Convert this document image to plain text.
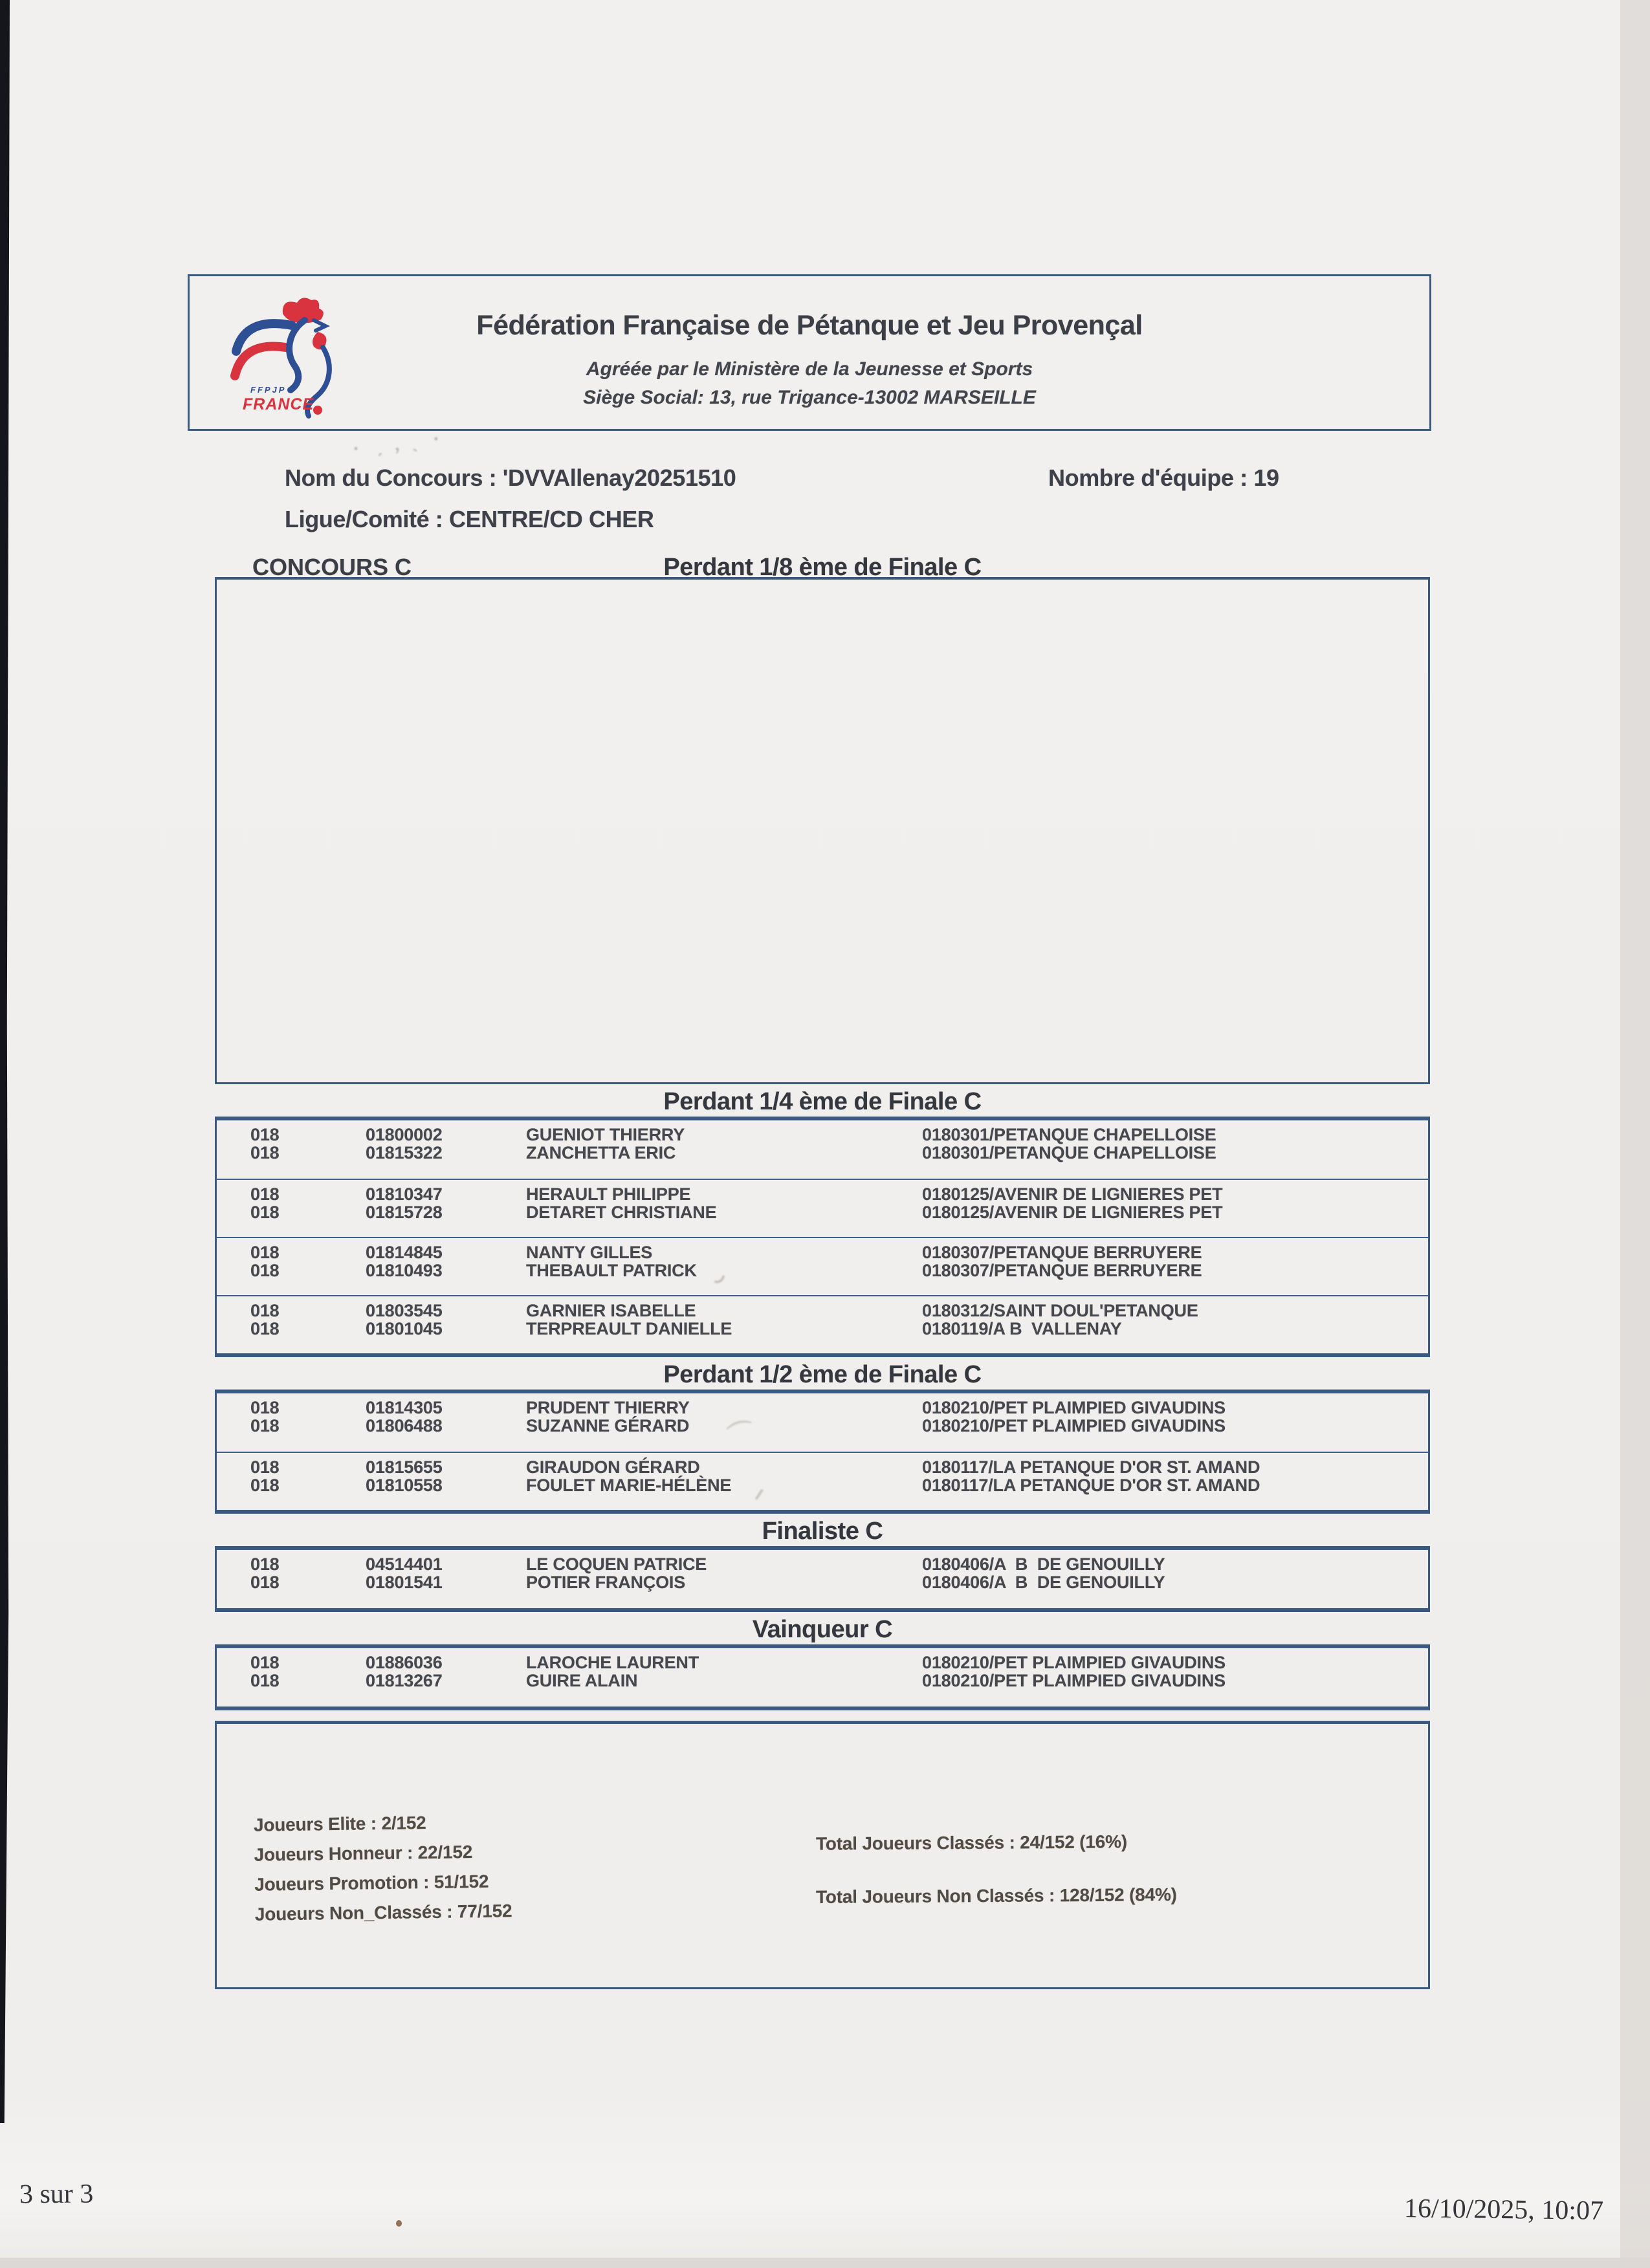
FFPJP
FRANCE
Fédération Française de Pétanque et Jeu Provençal
Agréée par le Ministère de la Jeunesse et Sports
Siège Social: 13, rue Trigance-13002 MARSEILLE
· ˏ﹐ˎ ·
Nom du Concours : 'DVVAllenay20251510	Nombre d'équipe : 19
Ligue/Comité : CENTRE/CD CHER
CONCOURS C	Perdant 1/8 ème de Finale C
٫
⌒
؍
Perdant 1/4 ème de Finale C
018	01800002	GUENIOT THIERRY	0180301/PETANQUE CHAPELLOISE
018	01815322	ZANCHETTA ERIC	0180301/PETANQUE CHAPELLOISE
018	01810347	HERAULT PHILIPPE	0180125/AVENIR DE LIGNIERES PET
018	01815728	DETARET CHRISTIANE	0180125/AVENIR DE LIGNIERES PET
018	01814845	NANTY GILLES	0180307/PETANQUE BERRUYERE
018	01810493	THEBAULT PATRICK	0180307/PETANQUE BERRUYERE
018	01803545	GARNIER ISABELLE	0180312/SAINT DOUL'PETANQUE
018	01801045	TERPREAULT DANIELLE	0180119/A B  VALLENAY
Perdant 1/2 ème de Finale C
018	01814305	PRUDENT THIERRY	0180210/PET PLAIMPIED GIVAUDINS
018	01806488	SUZANNE GÉRARD	0180210/PET PLAIMPIED GIVAUDINS
018	01815655	GIRAUDON GÉRARD	0180117/LA PETANQUE D'OR ST. AMAND
018	01810558	FOULET MARIE-HÉLÈNE	0180117/LA PETANQUE D'OR ST. AMAND
Finaliste C
018	04514401	LE COQUEN PATRICE	0180406/A  B  DE GENOUILLY
018	01801541	POTIER FRANÇOIS	0180406/A  B  DE GENOUILLY
Vainqueur C
018	01886036	LAROCHE LAURENT	0180210/PET PLAIMPIED GIVAUDINS
018	01813267	GUIRE ALAIN	0180210/PET PLAIMPIED GIVAUDINS
Joueurs Elite : 2/152
Joueurs Honneur : 22/152
Joueurs Promotion : 51/152
Joueurs Non_Classés : 77/152
Total Joueurs Classés : 24/152 (16%)
Total Joueurs Non Classés : 128/152 (84%)
3 sur 3	16/10/2025, 10:07
